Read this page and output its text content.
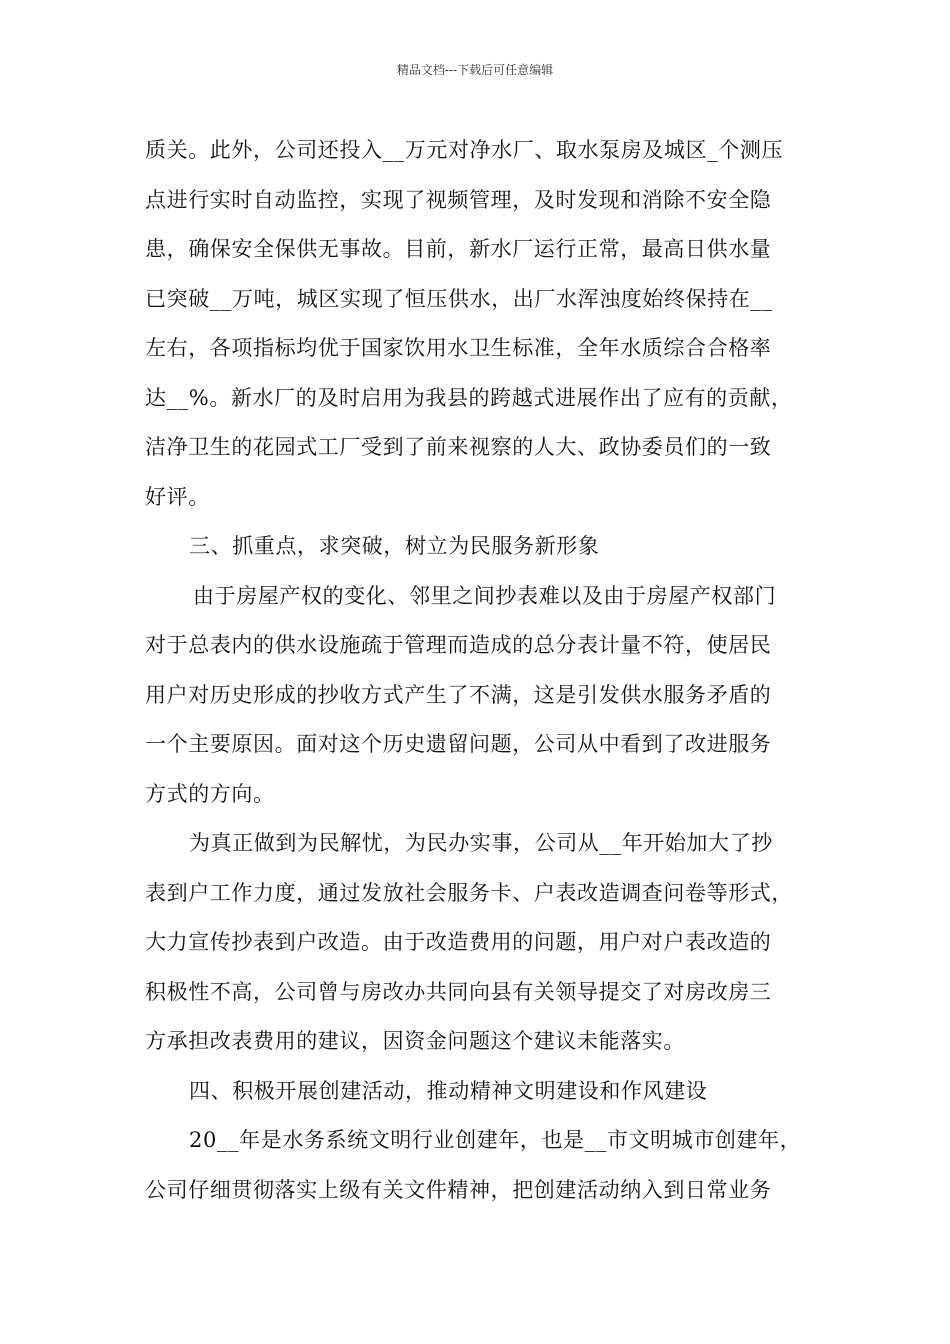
精品文档---下载后可任意编辑
质关。此外，公司还投入__万元对净水厂、取水泵房及城区_个测压
点进行实时自动监控，实现了视频管理，及时发现和消除不安全隐
患，确保安全保供无事故。目前，新水厂运行正常，最高日供水量
已突破__万吨，城区实现了恒压供水，出厂水浑浊度始终保持在__
左右，各项指标均优于国家饮用水卫生标准，全年水质综合合格率
达__%。新水厂的及时启用为我县的跨越式进展作出了应有的贡献，
洁净卫生的花园式工厂受到了前来视察的人大、政协委员们的一致
好评。
三、抓重点，求突破，树立为民服务新形象
由于房屋产权的变化、邻里之间抄表难以及由于房屋产权部门
对于总表内的供水设施疏于管理而造成的总分表计量不符，使居民
用户对历史形成的抄收方式产生了不满，这是引发供水服务矛盾的
一个主要原因。面对这个历史遗留问题，公司从中看到了改进服务
方式的方向。
为真正做到为民解忧，为民办实事，公司从__年开始加大了抄
表到户工作力度，通过发放社会服务卡、户表改造调查问卷等形式，
大力宣传抄表到户改造。由于改造费用的问题，用户对户表改造的
积极性不高，公司曾与房改办共同向县有关领导提交了对房改房三
方承担改表费用的建议，因资金问题这个建议未能落实。
四、积极开展创建活动，推动精神文明建设和作风建设
20__年是水务系统文明行业创建年，也是__市文明城市创建年，
公司仔细贯彻落实上级有关文件精神，把创建活动纳入到日常业务
